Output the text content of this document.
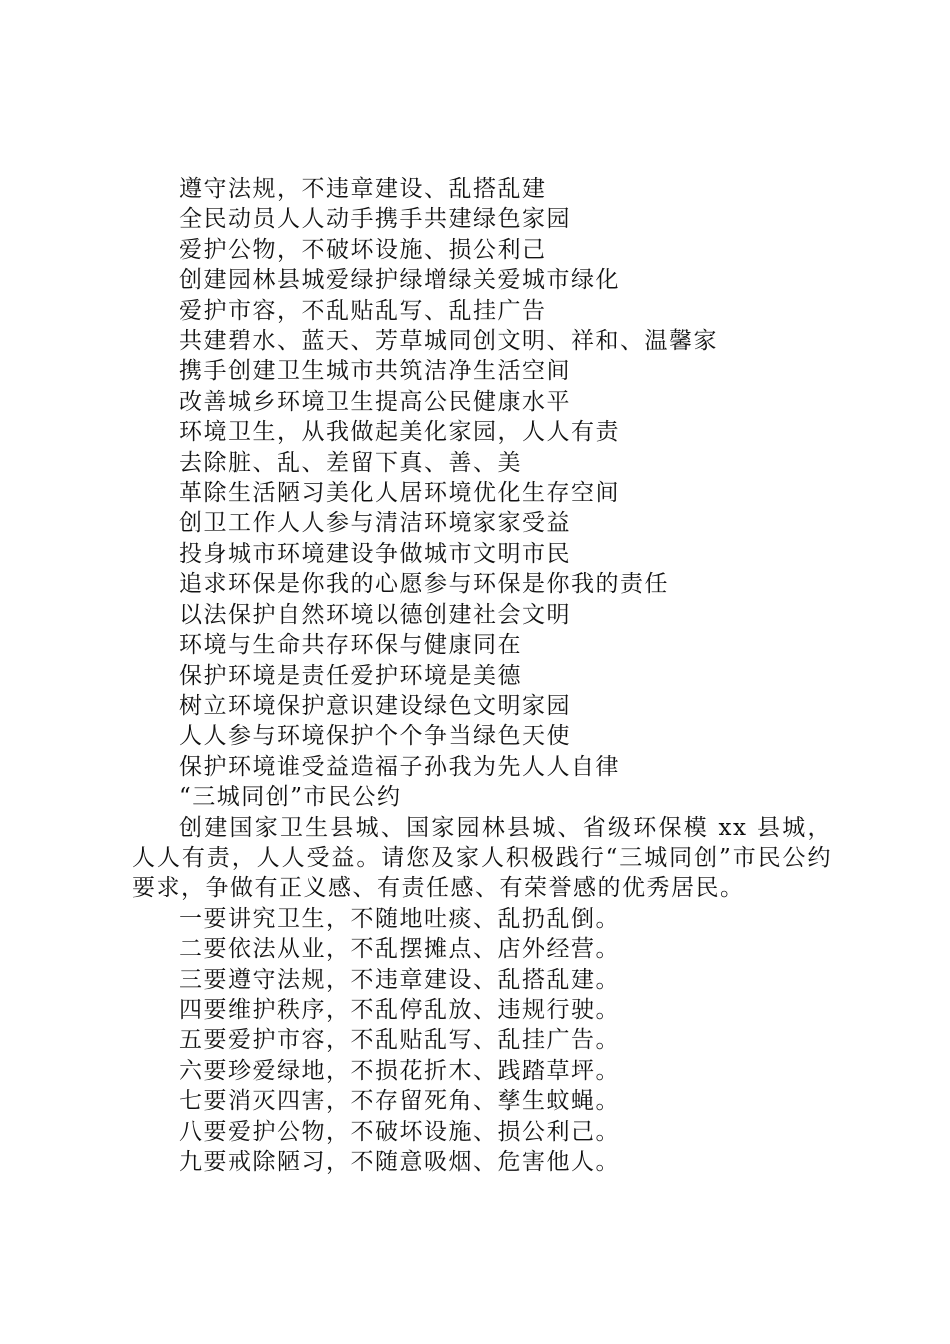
遵守法规，不违章建设、乱搭乱建
全民动员人人动手携手共建绿色家园
爱护公物，不破坏设施、损公利己
创建园林县城爱绿护绿增绿关爱城市绿化
爱护市容，不乱贴乱写、乱挂广告
共建碧水、蓝天、芳草城同创文明、祥和、温馨家
携手创建卫生城市共筑洁净生活空间
改善城乡环境卫生提高公民健康水平
环境卫生，从我做起美化家园，人人有责
去除脏、乱、差留下真、善、美
革除生活陋习美化人居环境优化生存空间
创卫工作人人参与清洁环境家家受益
投身城市环境建设争做城市文明市民
追求环保是你我的心愿参与环保是你我的责任
以法保护自然环境以德创建社会文明
环境与生命共存环保与健康同在
保护环境是责任爱护环境是美德
树立环境保护意识建设绿色文明家园
人人参与环境保护个个争当绿色天使
保护环境谁受益造福子孙我为先人人自律
“三城同创”市民公约
创建国家卫生县城、国家园林县城、省级环保模 xx 县城，人人有责，人人受益。请您及家人积极践行“三城同创”市民公约要求，争做有正义感、有责任感、有荣誉感的优秀居民。
一要讲究卫生，不随地吐痰、乱扔乱倒。
二要依法从业，不乱摆摊点、店外经营。
三要遵守法规，不违章建设、乱搭乱建。
四要维护秩序，不乱停乱放、违规行驶。
五要爱护市容，不乱贴乱写、乱挂广告。
六要珍爱绿地，不损花折木、践踏草坪。
七要消灭四害，不存留死角、孳生蚊蝇。
八要爱护公物，不破坏设施、损公利己。
九要戒除陋习，不随意吸烟、危害他人。
